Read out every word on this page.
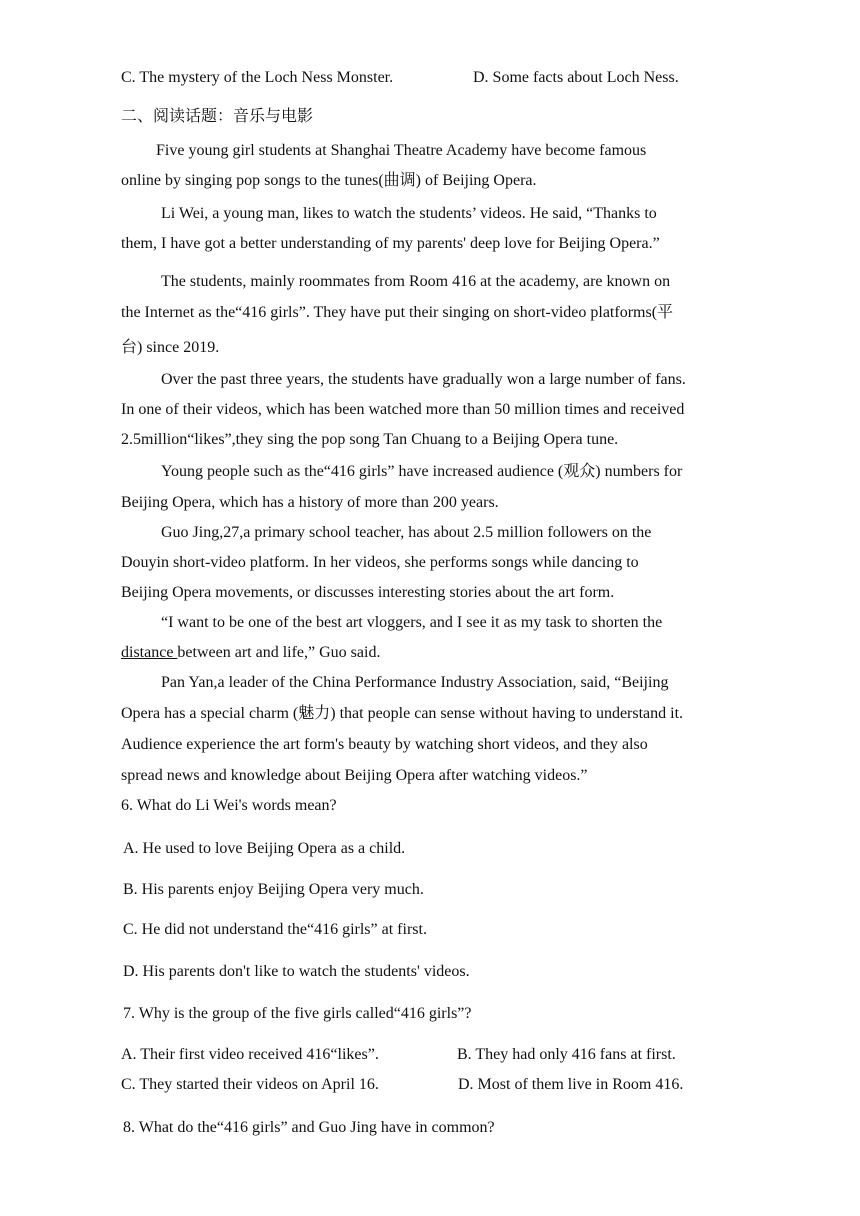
C. The mystery of the Loch Ness Monster.	D. Some facts about Loch Ness.
二、阅读话题：音乐与电影
Five young girl students at Shanghai Theatre Academy have become famous
online by singing pop songs to the tunes(曲调) of Beijing Opera.
Li Wei, a young man, likes to watch the students’ videos. He said, “Thanks to
them, I have got a better understanding of my parents' deep love for Beijing Opera.”
The students, mainly roommates from Room 416 at the academy, are known on
the Internet as the“416 girls”. They have put their singing on short-video platforms(平
台) since 2019.
Over the past three years, the students have gradually won a large number of fans.
In one of their videos, which has been watched more than 50 million times and received
2.5million“likes”,they sing the pop song Tan Chuang to a Beijing Opera tune.
Young people such as the“416 girls” have increased audience (观众) numbers for
Beijing Opera, which has a history of more than 200 years.
Guo Jing,27,a primary school teacher, has about 2.5 million followers on the
Douyin short-video platform. In her videos, she performs songs while dancing to
Beijing Opera movements, or discusses interesting stories about the art form.
“I want to be one of the best art vloggers, and I see it as my task to shorten the
distance between art and life,” Guo said.
Pan Yan,a leader of the China Performance Industry Association, said, “Beijing
Opera has a special charm (魅力) that people can sense without having to understand it.
Audience experience the art form's beauty by watching short videos, and they also
spread news and knowledge about Beijing Opera after watching videos.”
6. What do Li Wei's words mean?
A. He used to love Beijing Opera as a child.
B. His parents enjoy Beijing Opera very much.
C. He did not understand the“416 girls” at first.
D. His parents don't like to watch the students' videos.
7. Why is the group of the five girls called“416 girls”?
A. Their first video received 416“likes”.	B. They had only 416 fans at first.
C. They started their videos on April 16.	D. Most of them live in Room 416.
8. What do the“416 girls” and Guo Jing have in common?
